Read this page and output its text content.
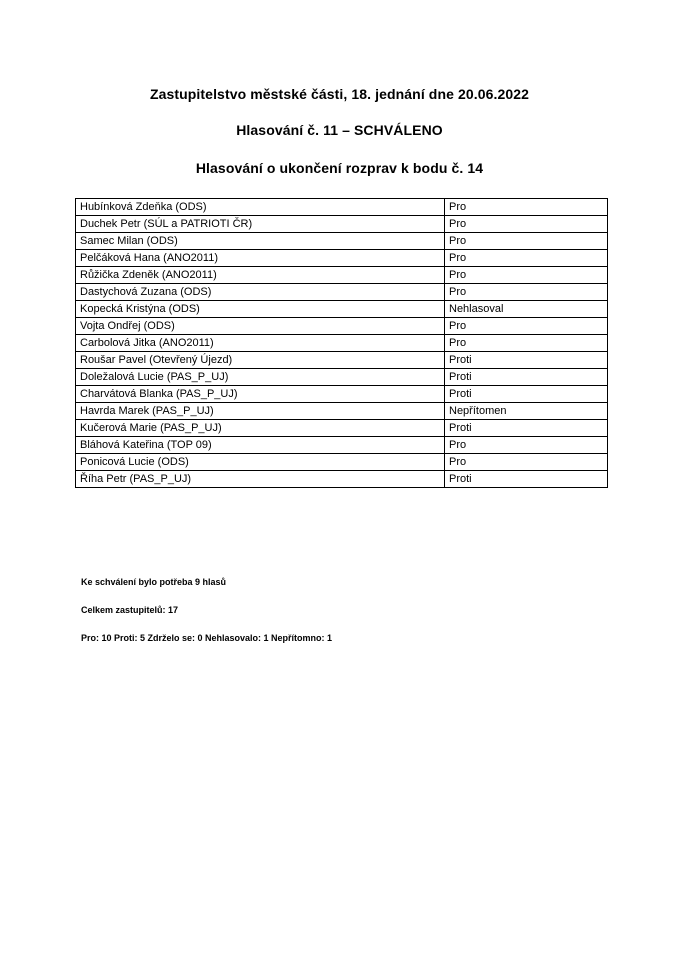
Zastupitelstvo městské části, 18. jednání dne 20.06.2022
Hlasování č. 11 – SCHVÁLENO
Hlasování o ukončení rozprav k bodu č. 14
Hubínková Zdeňka (ODS)	Pro
Duchek Petr (SÚL a PATRIOTI ČR)	Pro
Samec Milan (ODS)	Pro
Pelčáková Hana (ANO2011)	Pro
Růžička Zdeněk (ANO2011)	Pro
Dastychová Zuzana (ODS)	Pro
Kopecká Kristýna (ODS)	Nehlasoval
Vojta Ondřej (ODS)	Pro
Carbolová Jitka (ANO2011)	Pro
Roušar Pavel (Otevřený Újezd)	Proti
Doležalová Lucie (PAS_P_UJ)	Proti
Charvátová Blanka (PAS_P_UJ)	Proti
Havrda Marek (PAS_P_UJ)	Nepřítomen
Kučerová Marie (PAS_P_UJ)	Proti
Bláhová Kateřina (TOP 09)	Pro
Ponicová Lucie (ODS)	Pro
Říha Petr (PAS_P_UJ)	Proti
Ke schválení bylo potřeba 9 hlasů
Celkem zastupitelů: 17
Pro: 10 Proti: 5 Zdrželo se: 0 Nehlasovalo: 1 Nepřítomno: 1
